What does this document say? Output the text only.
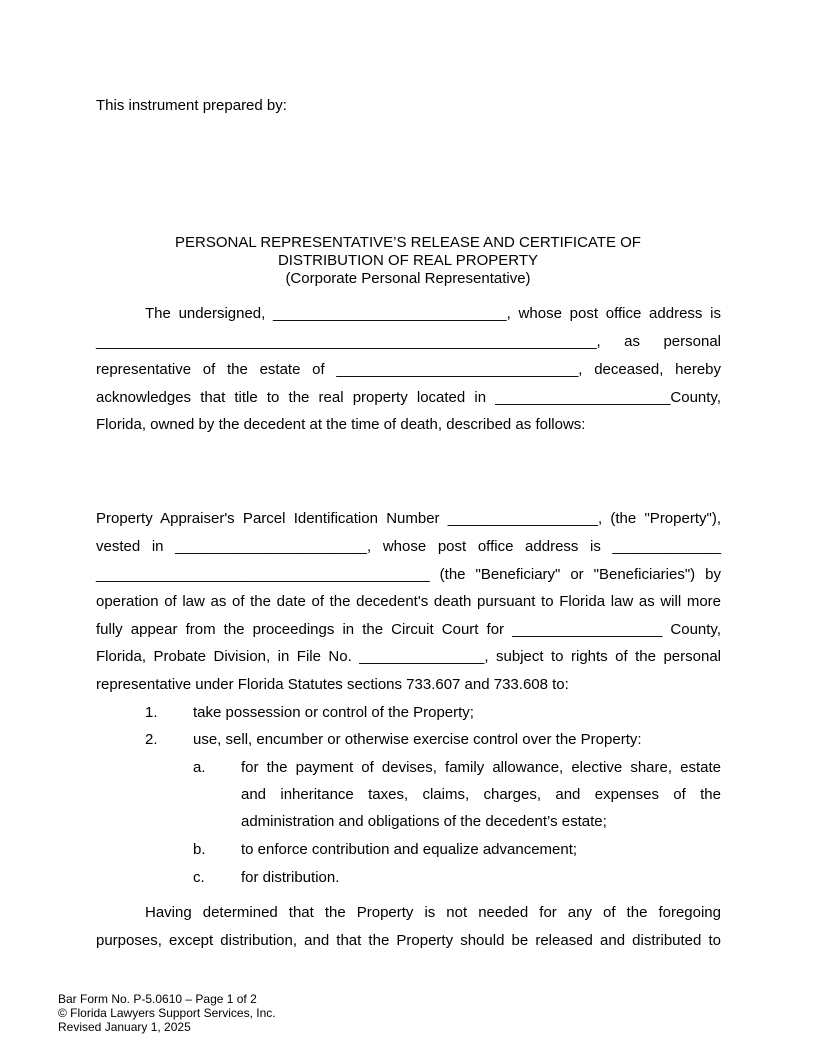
This instrument prepared by:
PERSONAL REPRESENTATIVE’S RELEASE AND CERTIFICATE OF
DISTRIBUTION OF REAL PROPERTY
(Corporate Personal Representative)
The undersigned, ____________________________, whose post office address is
____________________________________________________________, as personal
representative of the estate of _____________________________, deceased, hereby
acknowledges that title to the real property located in _____________________County,
Florida, owned by the decedent at the time of death, described as follows:
Property Appraiser's Parcel Identification Number __________________, (the "Property"),
vested in _______________________, whose post office address is _____________
________________________________________ (the "Beneficiary" or "Beneficiaries") by
operation of law as of the date of the decedent's death pursuant to Florida law as will more
fully appear from the proceedings in the Circuit Court for __________________ County,
Florida, Probate Division, in File No. _______________, subject to rights of the personal
representative under Florida Statutes sections 733.607 and 733.608 to:
1. take possession or control of the Property;
2. use, sell, encumber or otherwise exercise control over the Property:
a. for the payment of devises, family allowance, elective share, estate
and inheritance taxes, claims, charges, and expenses of the
administration and obligations of the decedent’s estate;
b. to enforce contribution and equalize advancement;
c. for distribution.
Having determined that the Property is not needed for any of the foregoing
purposes, except distribution, and that the Property should be released and distributed to
Bar Form No. P-5.0610 – Page 1 of 2
© Florida Lawyers Support Services, Inc.
Revised January 1, 2025
